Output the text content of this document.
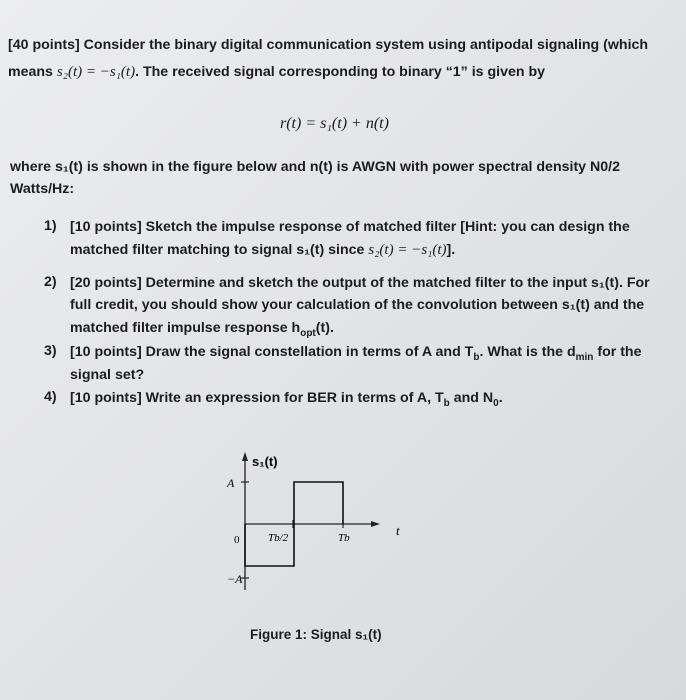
[40 points] Consider the binary digital communication system using antipodal signaling (which
means s₂(t) = −s₁(t). The received signal corresponding to binary “1” is given by
r(t) = s₁(t) + n(t)
where s₁(t) is shown in the figure below and n(t) is AWGN with power spectral density N0/2
Watts/Hz:
1) [10 points] Sketch the impulse response of matched filter [Hint: you can design the
matched filter matching to signal s₁(t) since s₂(t) = −s₁(t)].
2) [20 points] Determine and sketch the output of the matched filter to the input s₁(t). For
full credit, you should show your calculation of the convolution between s₁(t) and the
matched filter impulse response $h_{opt}(t)$.
3) [10 points] Draw the signal constellation in terms of A and $T_b$. What is the $d_{min}$ for the
signal set?
4) [10 points] Write an expression for BER in terms of A, $T_b$ and $N_0$.
s₁(t)
t
A
−A
0	Tb/2	Tb
Figure 1: Signal s₁(t)
